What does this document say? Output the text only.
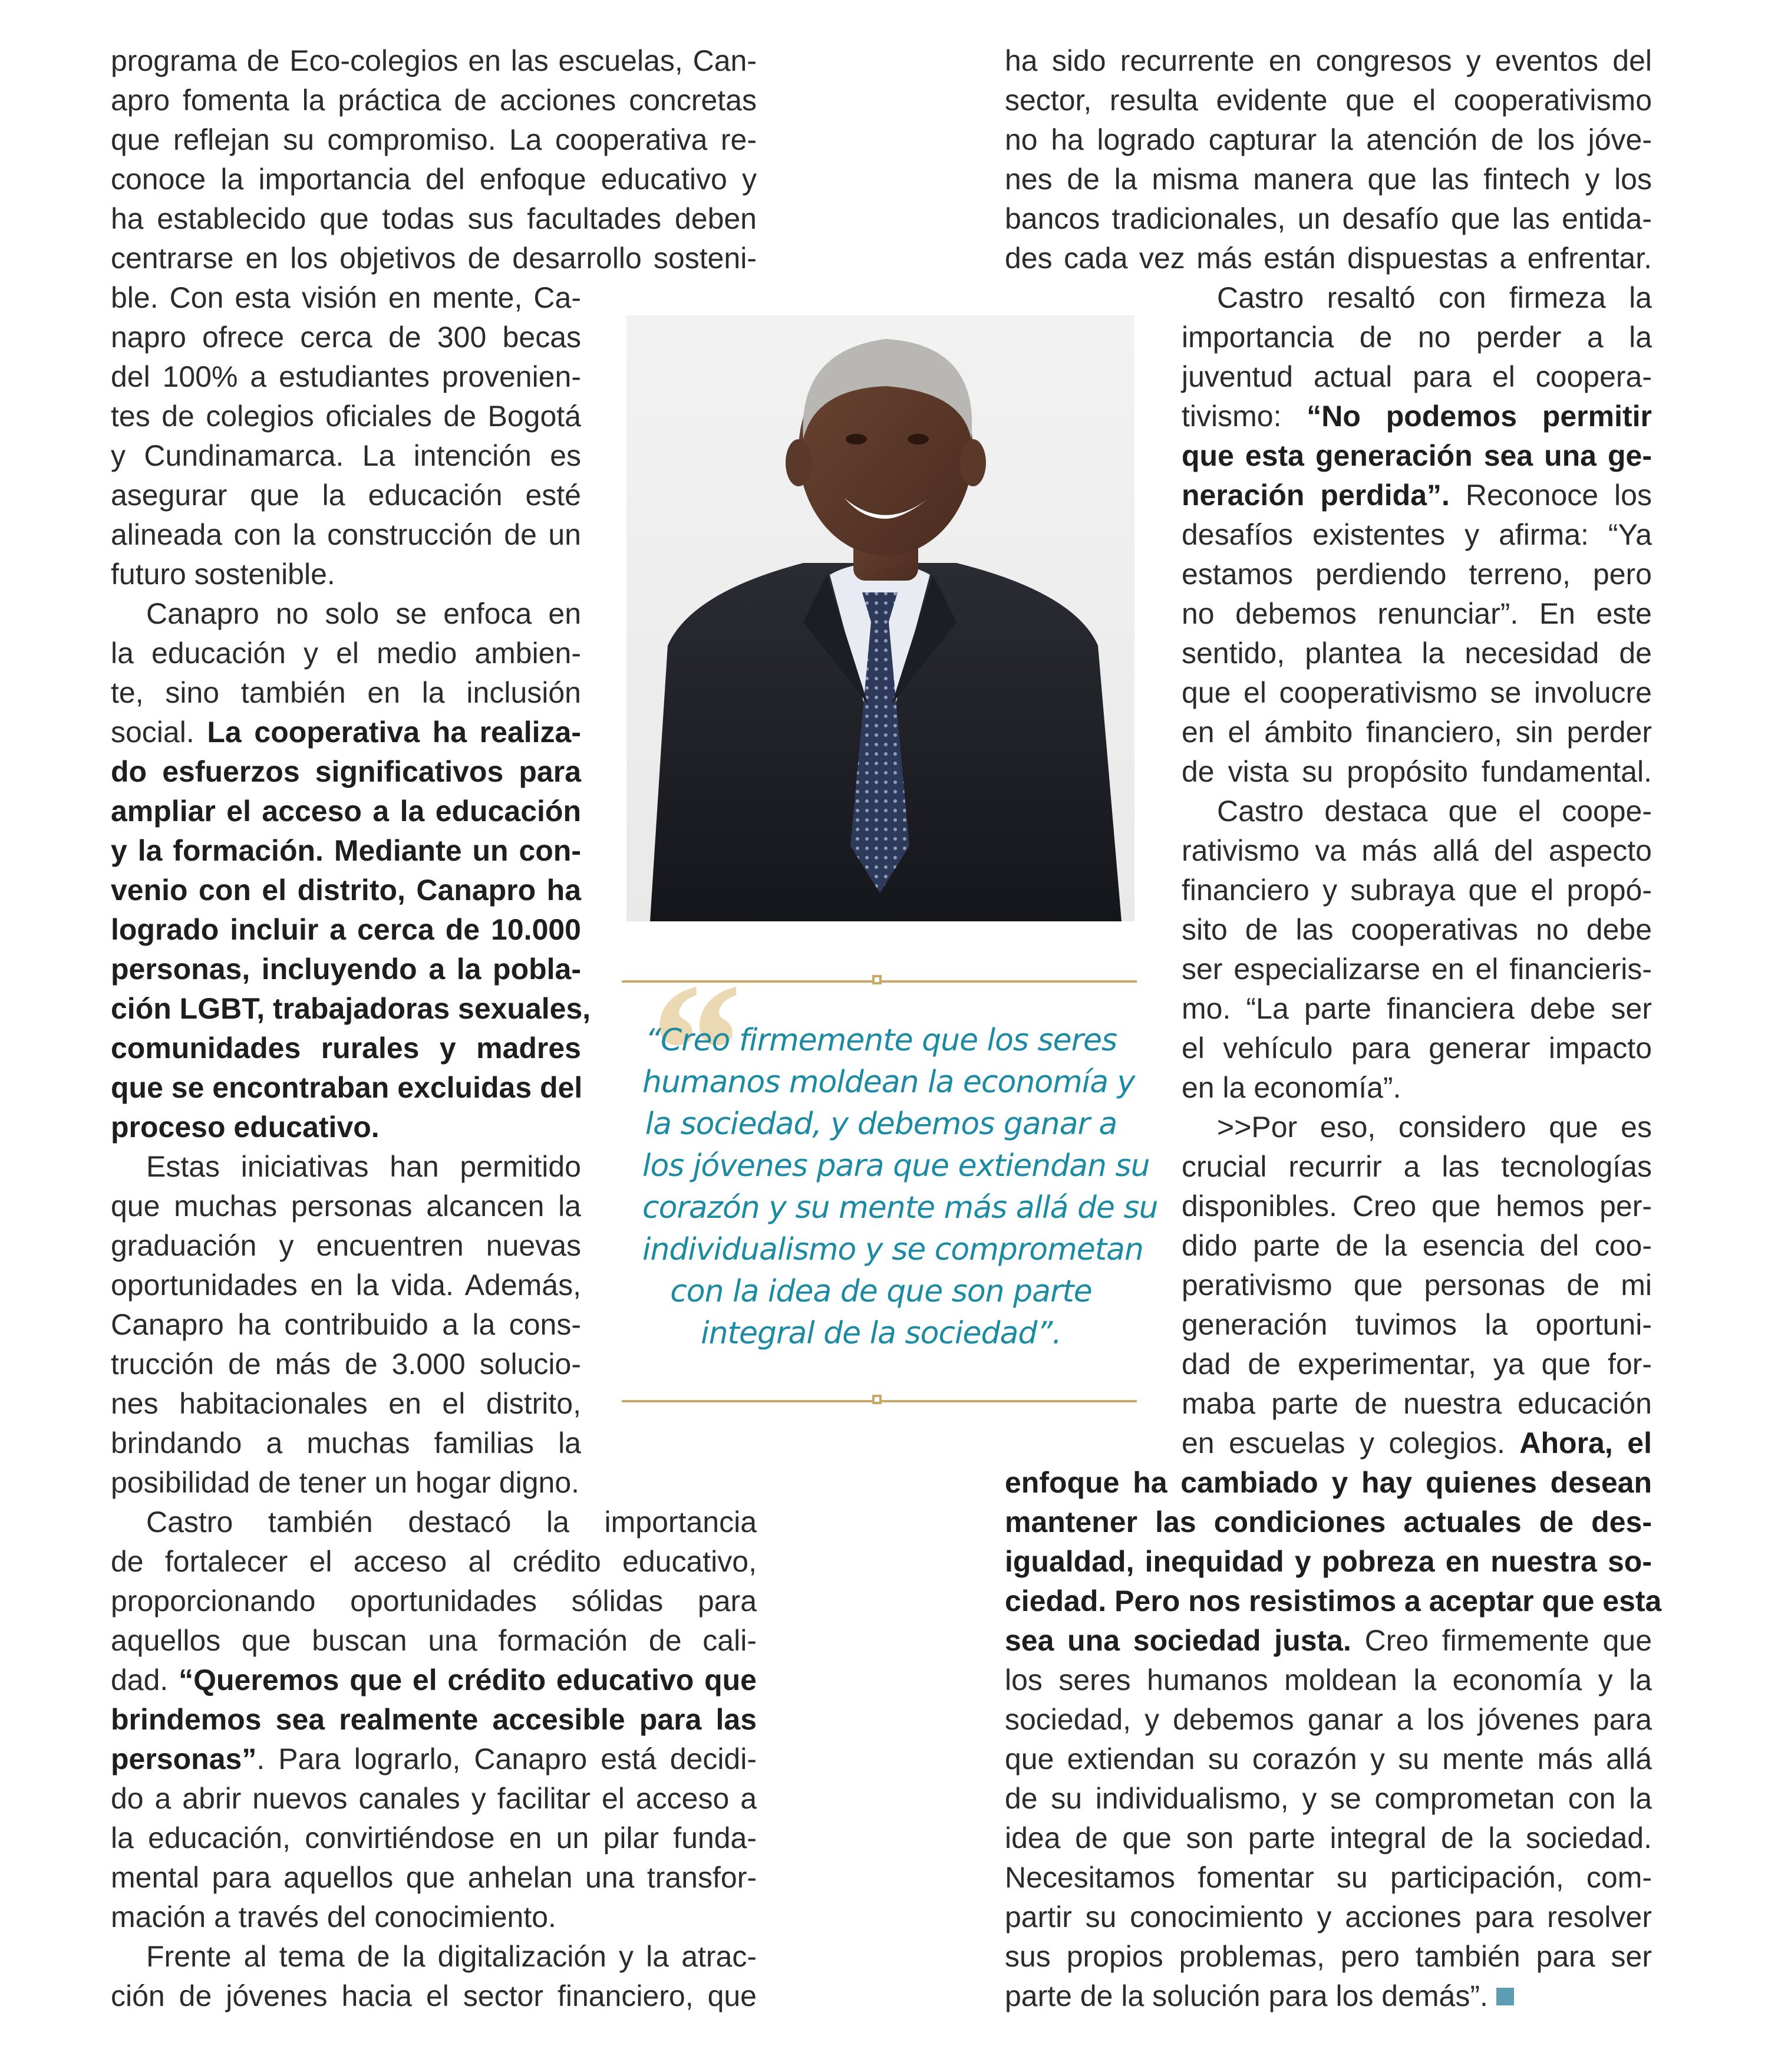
programa de Eco-colegios en las escuelas, Can-
apro fomenta la práctica de acciones concretas
que reflejan su compromiso. La cooperativa re-
conoce la importancia del enfoque educativo y
ha establecido que todas sus facultades deben
centrarse en los objetivos de desarrollo sosteni-
ble. Con esta visión en mente, Ca-
napro ofrece cerca de 300 becas
del 100% a estudiantes provenien-
tes de colegios oficiales de Bogotá
y Cundinamarca. La intención es
asegurar que la educación esté
alineada con la construcción de un
futuro sostenible.
Canapro no solo se enfoca en
la educación y el medio ambien-
te, sino también en la inclusión
social. La cooperativa ha realiza-
do esfuerzos significativos para
ampliar el acceso a la educación
y la formación. Mediante un con-
venio con el distrito, Canapro ha
logrado incluir a cerca de 10.000
personas, incluyendo a la pobla-
ción LGBT, trabajadoras sexuales,
comunidades rurales y madres
que se encontraban excluidas del
proceso educativo.
Estas iniciativas han permitido
que muchas personas alcancen la
graduación y encuentren nuevas
oportunidades en la vida. Además,
Canapro ha contribuido a la cons-
trucción de más de 3.000 solucio-
nes habitacionales en el distrito,
brindando a muchas familias la
posibilidad de tener un hogar digno.
Castro también destacó la importancia
de fortalecer el acceso al crédito educativo,
proporcionando oportunidades sólidas para
aquellos que buscan una formación de cali-
dad. “Queremos que el crédito educativo que
brindemos sea realmente accesible para las
personas”. Para lograrlo, Canapro está decidi-
do a abrir nuevos canales y facilitar el acceso a
la educación, convirtiéndose en un pilar funda-
mental para aquellos que anhelan una transfor-
mación a través del conocimiento.
Frente al tema de la digitalización y la atrac-
ción de jóvenes hacia el sector financiero, que
“
“Creo firmemente que los seres
humanos moldean la economía y
la sociedad, y debemos ganar a
los jóvenes para que extiendan su
corazón y su mente más allá de su
individualismo y se comprometan
con la idea de que son parte
integral de la sociedad”.
ha sido recurrente en congresos y eventos del
sector, resulta evidente que el cooperativismo
no ha logrado capturar la atención de los jóve-
nes de la misma manera que las fintech y los
bancos tradicionales, un desafío que las entida-
des cada vez más están dispuestas a enfrentar.
Castro resaltó con firmeza la
importancia de no perder a la
juventud actual para el coopera-
tivismo: “No podemos permitir
que esta generación sea una ge-
neración perdida”. Reconoce los
desafíos existentes y afirma: “Ya
estamos perdiendo terreno, pero
no debemos renunciar”. En este
sentido, plantea la necesidad de
que el cooperativismo se involucre
en el ámbito financiero, sin perder
de vista su propósito fundamental.
Castro destaca que el coope-
rativismo va más allá del aspecto
financiero y subraya que el propó-
sito de las cooperativas no debe
ser especializarse en el financieris-
mo. “La parte financiera debe ser
el vehículo para generar impacto
en la economía”.
>>Por eso, considero que es
crucial recurrir a las tecnologías
disponibles. Creo que hemos per-
dido parte de la esencia del coo-
perativismo que personas de mi
generación tuvimos la oportuni-
dad de experimentar, ya que for-
maba parte de nuestra educación
en escuelas y colegios. Ahora, el
enfoque ha cambiado y hay quienes desean
mantener las condiciones actuales de des-
igualdad, inequidad y pobreza en nuestra so-
ciedad. Pero nos resistimos a aceptar que esta
sea una sociedad justa. Creo firmemente que
los seres humanos moldean la economía y la
sociedad, y debemos ganar a los jóvenes para
que extiendan su corazón y su mente más allá
de su individualismo, y se comprometan con la
idea de que son parte integral de la sociedad.
Necesitamos fomentar su participación, com-
partir su conocimiento y acciones para resolver
sus propios problemas, pero también para ser
parte de la solución para los demás”.
